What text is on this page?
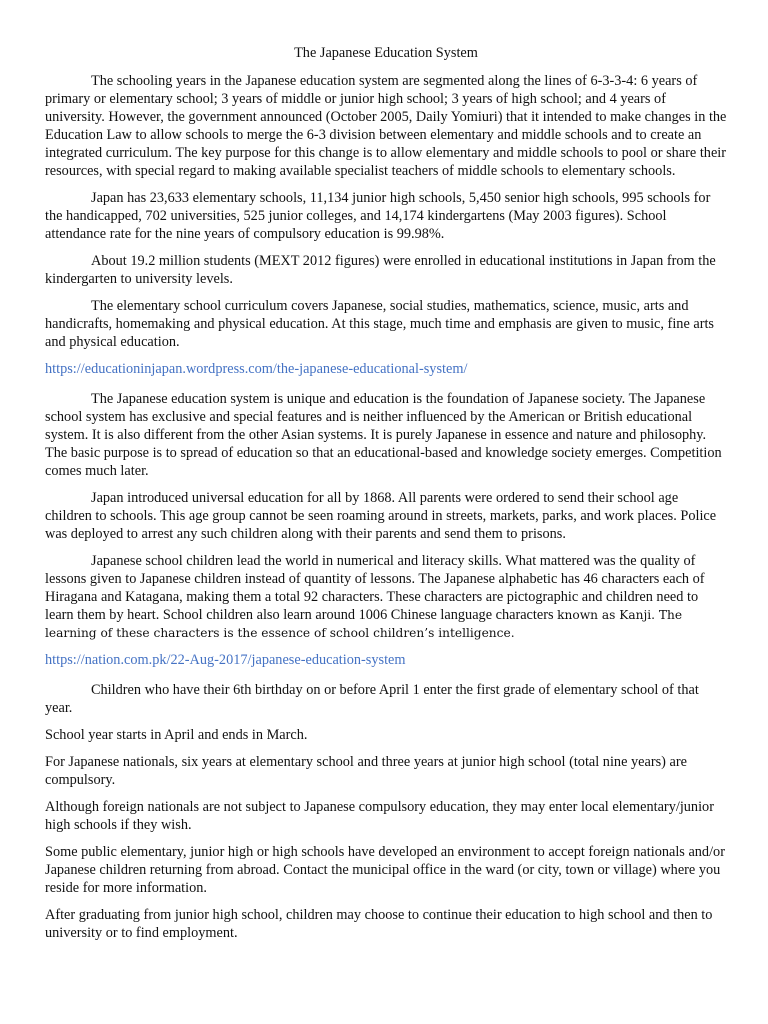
The Japanese Education System

The schooling years in the Japanese education system are segmented along the lines of 6-3-3-4: 6 years of primary or elementary school; 3 years of middle or junior high school; 3 years of high school; and 4 years of university. However, the government announced (October 2005, Daily Yomiuri) that it intended to make changes in the Education Law to allow schools to merge the 6-3 division between elementary and middle schools and to create an integrated curriculum. The key purpose for this change is to allow elementary and middle schools to pool or share their resources, with special regard to making available specialist teachers of middle schools to elementary schools.

Japan has 23,633 elementary schools, 11,134 junior high schools, 5,450 senior high schools, 995 schools for the handicapped, 702 universities, 525 junior colleges, and 14,174 kindergartens (May 2003 figures). School attendance rate for the nine years of compulsory education is 99.98%.

About 19.2 million students (MEXT 2012 figures) were enrolled in educational institutions in Japan from the kindergarten to university levels.

The elementary school curriculum covers Japanese, social studies, mathematics, science, music, arts and handicrafts, homemaking and physical education. At this stage, much time and emphasis are given to music, fine arts and physical education.

https://educationinjapan.wordpress.com/the-japanese-educational-system/

The Japanese education system is unique and education is the foundation of Japanese society. The Japanese school system has exclusive and special features and is neither influenced by the American or British educational system. It is also different from the other Asian systems. It is purely Japanese in essence and nature and philosophy. The basic purpose is to spread of education so that an educational-based and knowledge society emerges. Competition comes much later.

Japan introduced universal education for all by 1868. All parents were ordered to send their school age children to schools. This age group cannot be seen roaming around in streets, markets, parks, and work places. Police was deployed to arrest any such children along with their parents and send them to prisons.

Japanese school children lead the world in numerical and literacy skills. What mattered was the quality of lessons given to Japanese children instead of quantity of lessons. The Japanese alphabetic has 46 characters each of Hiragana and Katagana, making them a total 92 characters. These characters are pictographic and children need to learn them by heart. School children also learn around 1006 Chinese language characters known as Kanji. The learning of these characters is the essence of school children’s intelligence.

https://nation.com.pk/22-Aug-2017/japanese-education-system

Children who have their 6th birthday on or before April 1 enter the first grade of elementary school of that year.

School year starts in April and ends in March.

For Japanese nationals, six years at elementary school and three years at junior high school (total nine years) are compulsory.

Although foreign nationals are not subject to Japanese compulsory education, they may enter local elementary/junior high schools if they wish.

Some public elementary, junior high or high schools have developed an environment to accept foreign nationals and/or Japanese children returning from abroad. Contact the municipal office in the ward (or city, town or village) where you reside for more information.

After graduating from junior high school, children may choose to continue their education to high school and then to university or to find employment.
